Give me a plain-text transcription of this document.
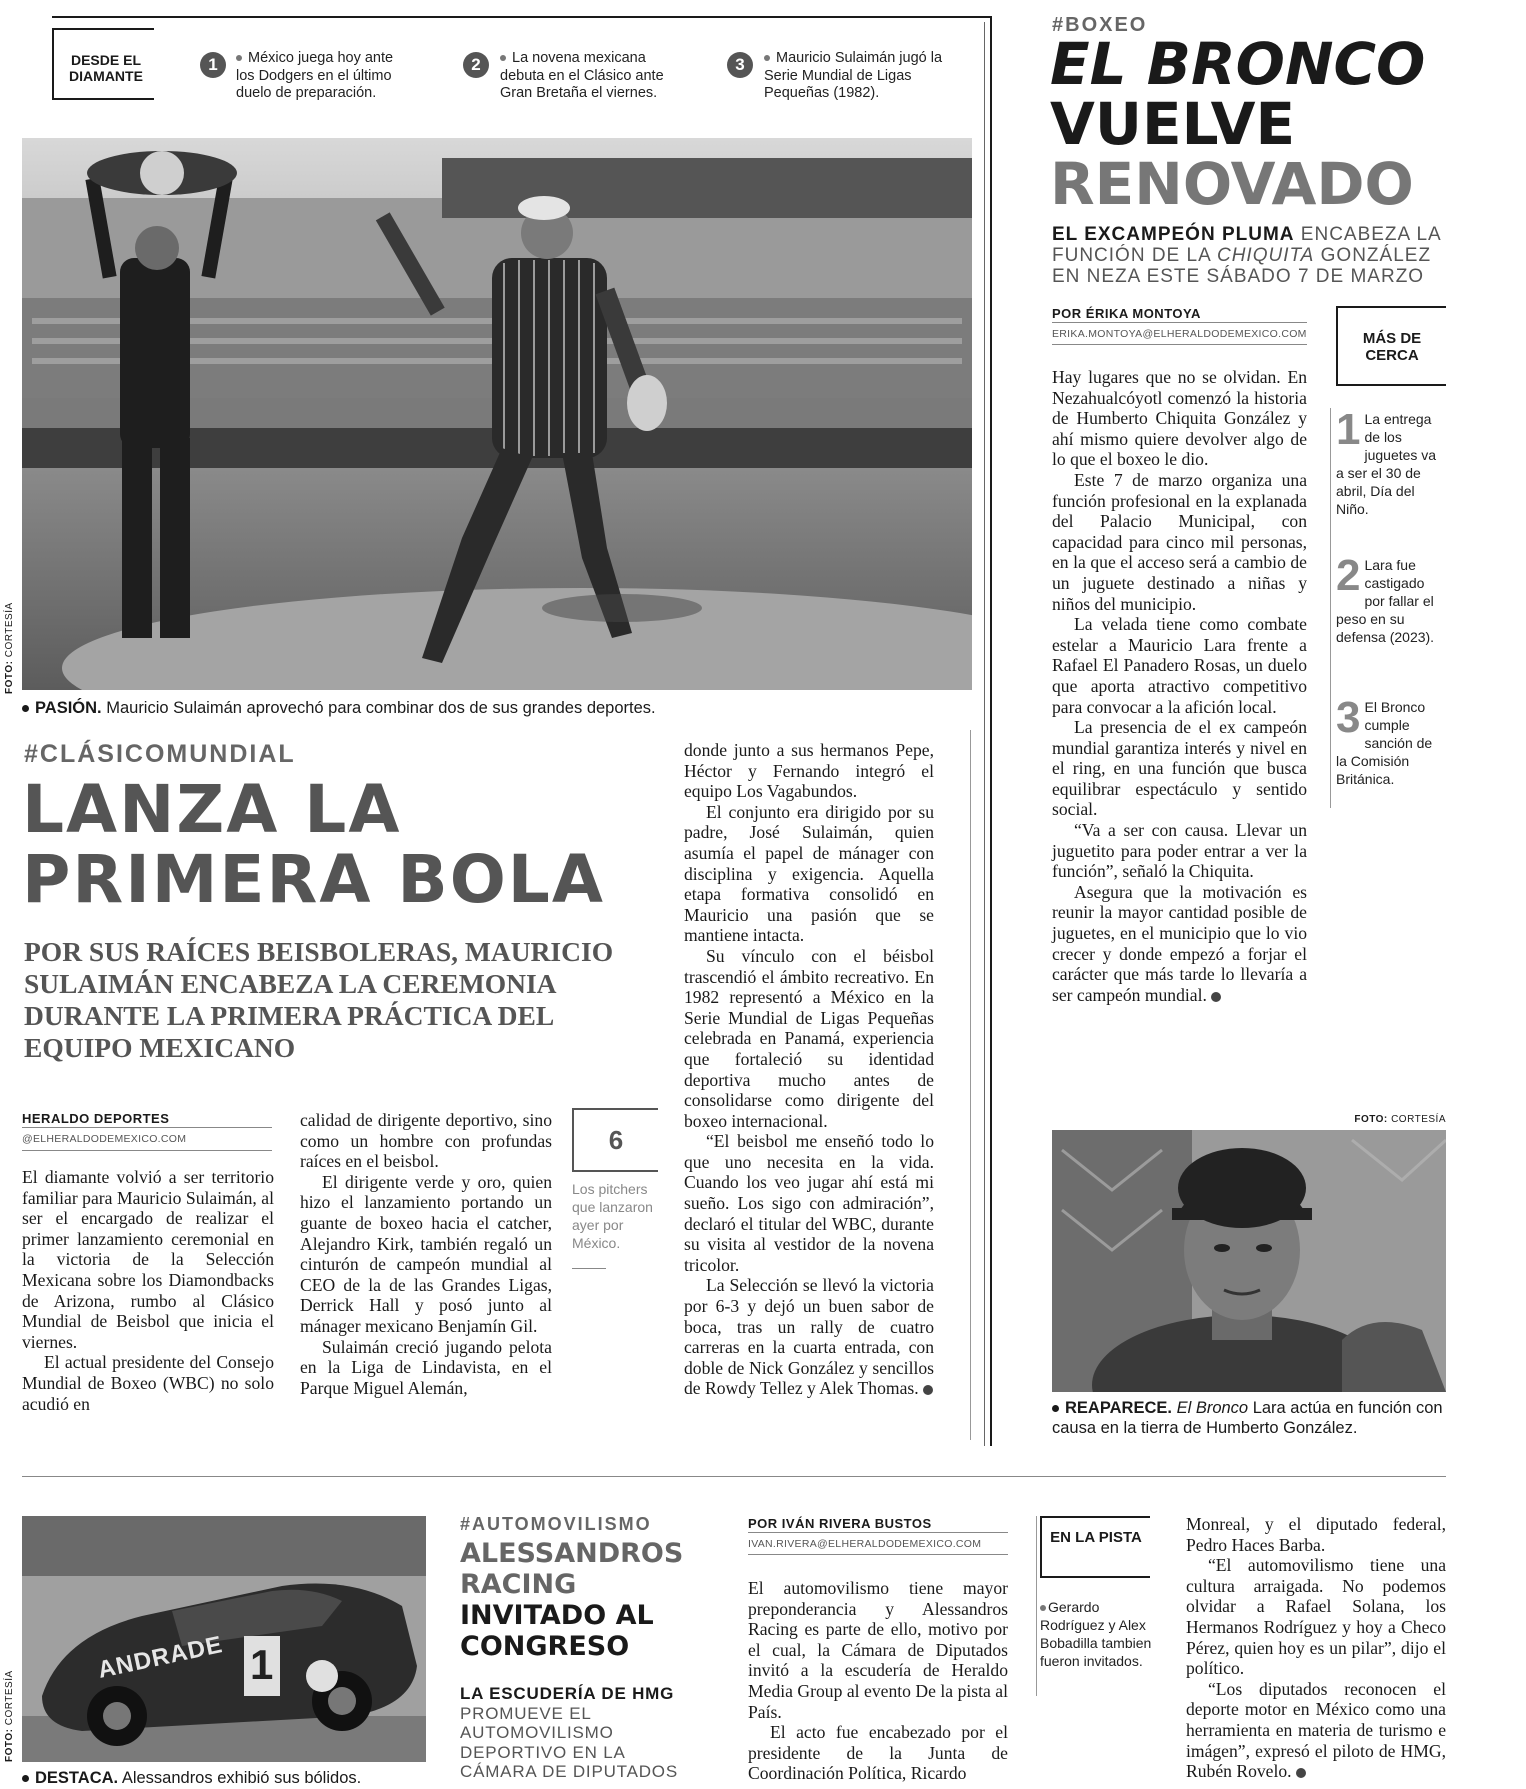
DESDE EL DIAMANTE
1	México juega hoy ante los Dodgers en el último duelo de preparación.
2	La novena mexicana debuta en el Clásico ante Gran Bretaña el viernes.
3	Mauricio Sulaimán jugó la Serie Mundial de Ligas Pequeñas (1982).
FOTO: CORTESÍA
PASIÓN. Mauricio Sulaimán aprovechó para combinar dos de sus grandes deportes.
#CLÁSICOMUNDIAL
LANZA LA
PRIMERA BOLA
POR SUS RAÍCES BEISBOLERAS, MAURICIO SULAIMÁN ENCABEZA LA CEREMONIA DURANTE LA PRIMERA PRÁCTICA DEL EQUIPO MEXICANO
HERALDO DEPORTES
@ELHERALDODEMEXICO.COM

El diamante volvió a ser territorio familiar para Mauricio Sulaimán, al ser el encargado de realizar el primer lanzamiento ceremonial en la victoria de la Selección Mexicana sobre los Diamondbacks de Arizona, rumbo al Clásico Mundial de Beisbol que inicia el viernes.

El actual presidente del Consejo Mundial de Boxeo (WBC) no solo acudió en

calidad de dirigente deportivo, sino como un hombre con profundas raíces en el beisbol.

El dirigente verde y oro, quien hizo el lanzamiento portando un guante de boxeo hacia el catcher, Alejandro Kirk, también regaló un cinturón de campeón mundial al CEO de la de las Grandes Ligas, Derrick Hall y posó junto al mánager mexicano Benjamín Gil.

Sulaimán creció jugando pelota en la Liga de Lindavista, en el Parque Miguel Alemán,

6
Los pitchers que lanzaron ayer por México.

donde junto a sus hermanos Pepe, Héctor y Fernando integró el equipo Los Vagabundos.

El conjunto era dirigido por su padre, José Sulaimán, quien asumía el papel de mánager con disciplina y exigencia. Aquella etapa formativa consolidó en Mauricio una pasión que se mantiene intacta.

Su vínculo con el béisbol trascendió el ámbito recreativo. En 1982 representó a México en la Serie Mundial de Ligas Pequeñas celebrada en Panamá, experiencia que fortaleció su identidad deportiva mucho antes de consolidarse como dirigente del boxeo internacional.

“El beisbol me enseñó todo lo que uno necesita en la vida. Cuando los veo jugar ahí está mi sueño. Los sigo con admiración”, declaró el titular del WBC, durante su visita al vestidor de la novena tricolor.

La Selección se llevó la victoria por 6-3 y dejó un buen sabor de boca, tras un rally de cuatro carreras en la cuarta entrada, con doble de Nick González y sencillos de Rowdy Tellez y Alek Thomas.

#BOXEO
EL BRONCO
VUELVE
RENOVADO
EL EXCAMPEÓN PLUMA ENCABEZA LA FUNCIÓN DE LA CHIQUITA GONZÁLEZ EN NEZA ESTE SÁBADO 7 DE MARZO
POR ÉRIKA MONTOYA
ERIKA.MONTOYA@ELHERALDODEMEXICO.COM

Hay lugares que no se olvidan. En Nezahualcóyotl comenzó la historia de Humberto Chiquita González y ahí mismo quiere devolver algo de lo que el boxeo le dio.

Este 7 de marzo organiza una función profesional en la explanada del Palacio Municipal, con capacidad para cinco mil personas, en la que el acceso será a cambio de un juguete destinado a niñas y niños del municipio.

La velada tiene como combate estelar a Mauricio Lara frente a Rafael El Panadero Rosas, un duelo que aporta atractivo competitivo para convocar a la afición local.

La presencia de el ex campeón mundial garantiza interés y nivel en el ring, en una función que busca equilibrar espectáculo y sentido social.

“Va a ser con causa. Llevar un juguetito para poder entrar a ver la función”, señaló la Chiquita.

Asegura que la motivación es reunir la mayor cantidad posible de juguetes, en el municipio que lo vio crecer y donde empezó a forjar el carácter que más tarde lo llevaría a ser campeón mundial.

MÁS DE CERCA
1 La entrega de los juguetes va a ser el 30 de abril, Día del Niño.
2 Lara fue castigado por fallar el peso en su defensa (2023).
3 El Bronco cumple sanción de la Comisión Británica.
FOTO: CORTESÍA
REAPARECE. El Bronco Lara actúa en función con causa en la tierra de Humberto González.
ANDRADE 1
FOTO: CORTESÍA
DESTACA. Alessandros exhibió sus bólidos.
#AUTOMOVILISMO
ALESSANDROS
RACING
INVITADO AL
CONGRESO
LA ESCUDERÍA DE HMG PROMUEVE EL AUTOMOVILISMO DEPORTIVO EN LA CÁMARA DE DIPUTADOS
POR IVÁN RIVERA BUSTOS
IVAN.RIVERA@ELHERALDODEMEXICO.COM

El automovilismo tiene mayor preponderancia y Alessandros Racing es parte de ello, motivo por el cual, la Cámara de Diputados invitó a la escudería de Heraldo Media Group al evento De la pista al País.

El acto fue encabezado por el presidente de la Junta de Coordinación Política, Ricardo

EN LA PISTA
Gerardo Rodríguez y Alex Bobadilla tambien fueron invitados.

Monreal, y el diputado federal, Pedro Haces Barba.

“El automovilismo tiene una cultura arraigada. No podemos olvidar a Rafael Solana, los Hermanos Rodríguez y hoy a Checo Pérez, quien hoy es un pilar”, dijo el político.

“Los diputados reconocen el deporte motor en México como una herramienta en materia de turismo e imágen”, expresó el piloto de HMG, Rubén Rovelo.
